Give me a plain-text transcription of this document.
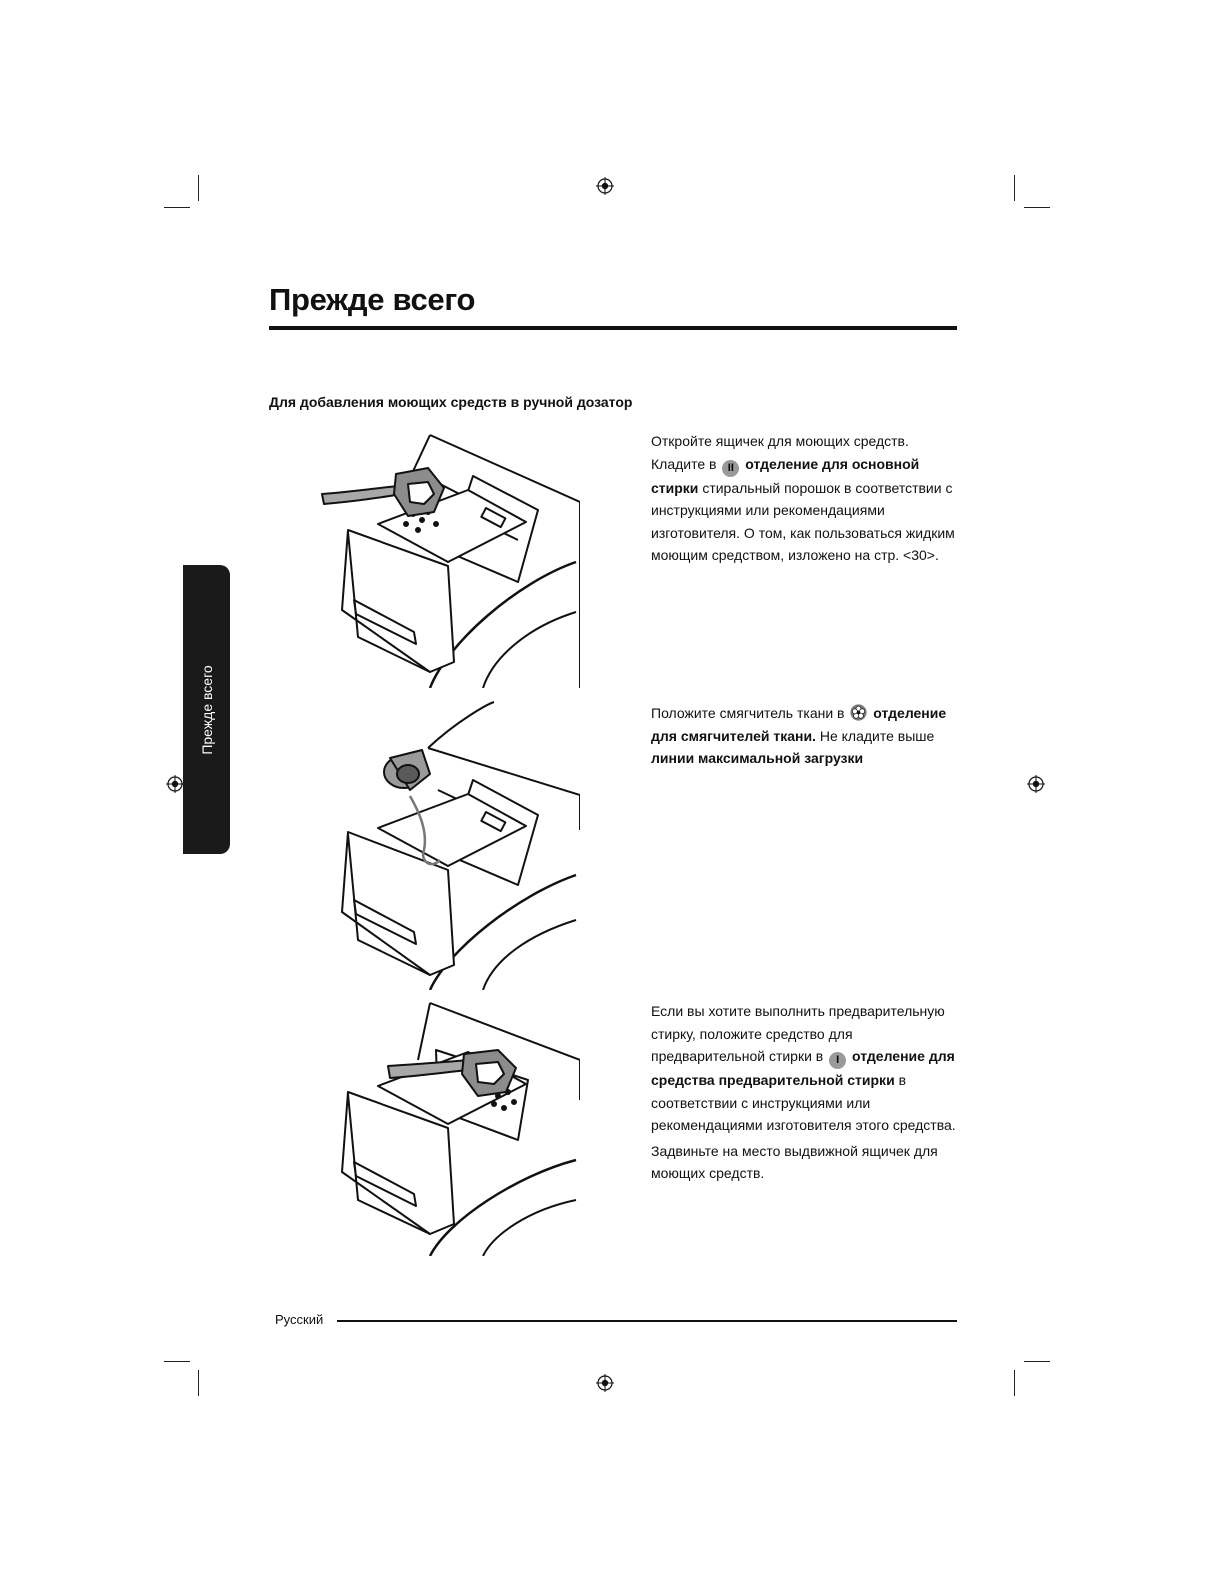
Прежде всего
Для добавления моющих средств в ручной дозатор
Прежде всего

Откройте ящичек для моющих средств.

Кладите в II отделение для основной стирки стиральный порошок в соответствии с инструкциями или рекомендациями изготовителя. О том, как пользоваться жидким моющим средством, изложено на стр. <30>.

Положите смягчитель ткани в отделение для смягчителей ткани. Не кладите выше линии максимальной загрузки

Если вы хотите выполнить предварительную стирку, положите средство для предварительной стирки в I отделение для средства предварительной стирки в соответствии с инструкциями или рекомендациями изготовителя этого средства.

Задвиньте на место выдвижной ящичек для моющих средств.

Русский
